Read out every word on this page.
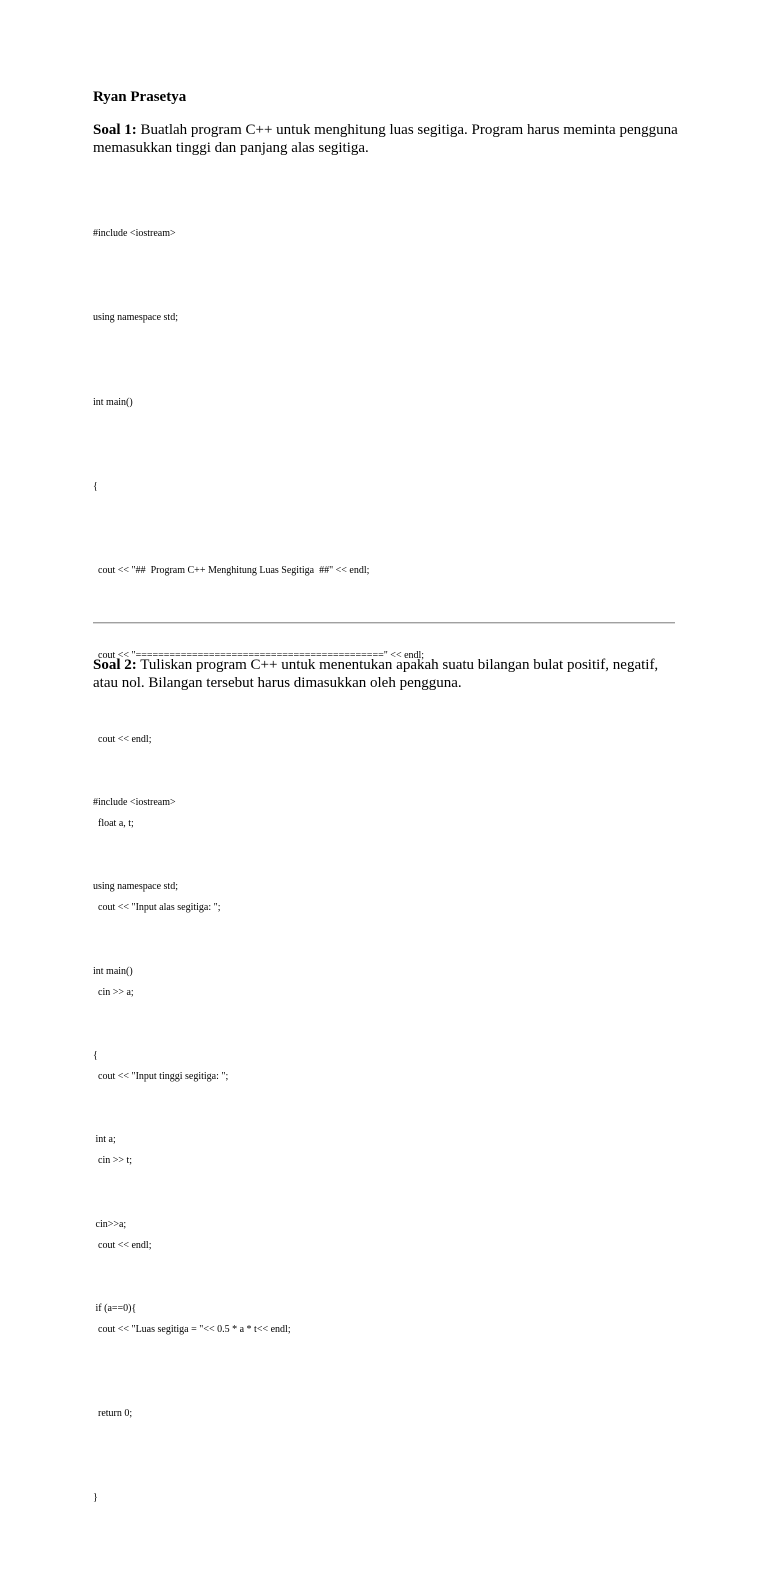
Ryan Prasetya
Soal 1: Buatlah program C++ untuk menghitung luas segitiga. Program harus meminta pengguna memasukkan tinggi dan panjang alas segitiga.

#include <iostream>

using namespace std;

int main()

{

cout << "##  Program C++ Menghitung Luas Segitiga  ##" << endl;

cout << "============================================" << endl;

cout << endl;

float a, t;

cout << "Input alas segitiga: ";

cin >> a;

cout << "Input tinggi segitiga: ";

cin >> t;

cout << endl;

cout << "Luas segitiga = "<< 0.5 * a * t<< endl;

return 0;

}

Soal 2: Tuliskan program C++ untuk menentukan apakah suatu bilangan bulat positif, negatif, atau nol. Bilangan tersebut harus dimasukkan oleh pengguna.

#include <iostream>

using namespace std;

int main()

{

int a;

cin>>a;

if (a==0){
